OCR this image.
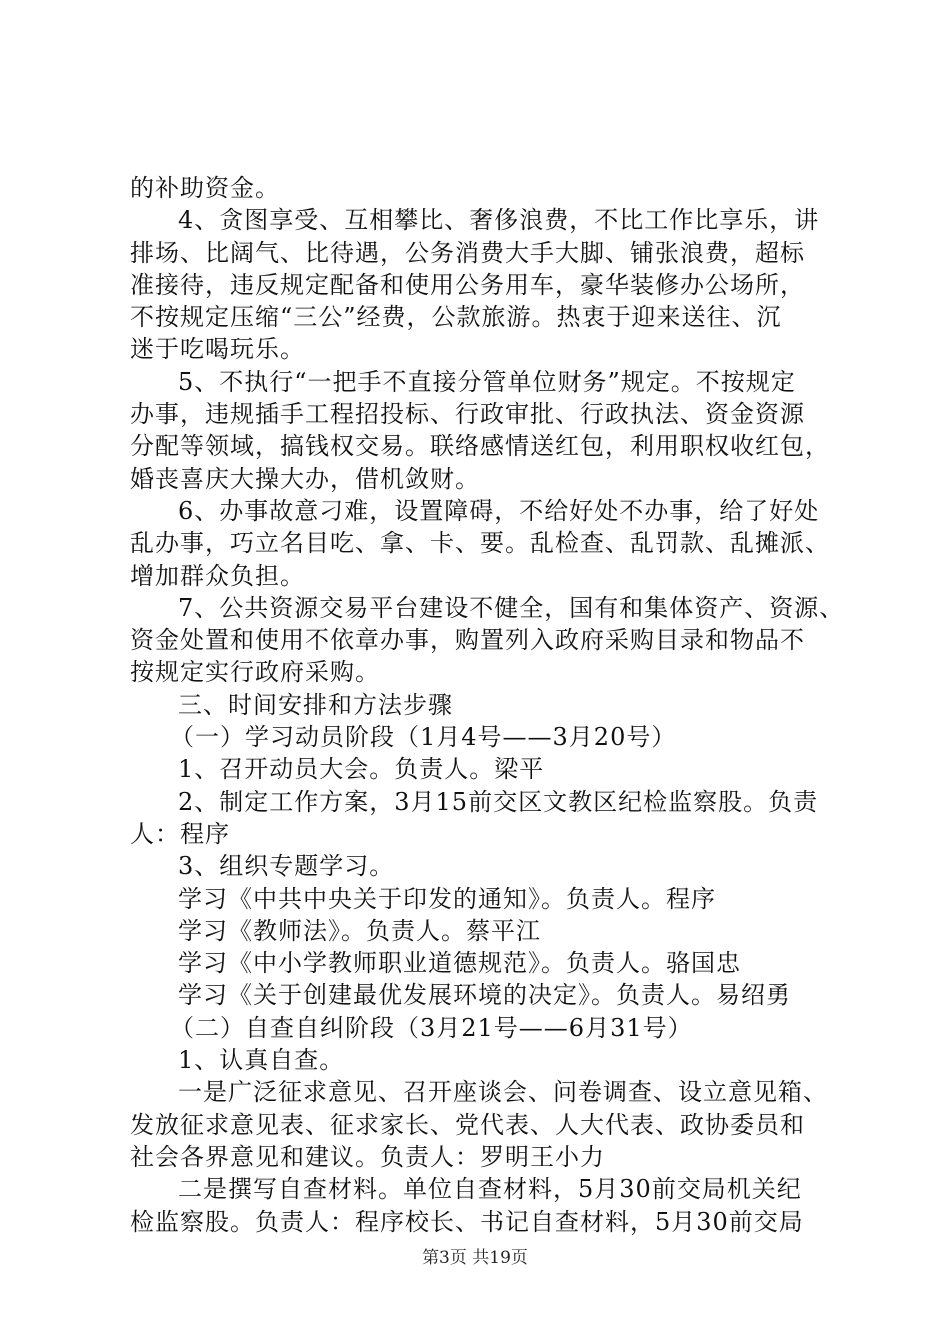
的补助资金。
4、贪图享受、互相攀比、奢侈浪费，不比工作比享乐，讲
排场、比阔气、比待遇，公务消费大手大脚、铺张浪费，超标
准接待，违反规定配备和使用公务用车，豪华装修办公场所，
不按规定压缩“三公”经费，公款旅游。热衷于迎来送往、沉
迷于吃喝玩乐。
5、不执行“一把手不直接分管单位财务”规定。不按规定
办事，违规插手工程招投标、行政审批、行政执法、资金资源
分配等领域，搞钱权交易。联络感情送红包，利用职权收红包，
婚丧喜庆大操大办，借机敛财。
6、办事故意刁难，设置障碍，不给好处不办事，给了好处
乱办事，巧立名目吃、拿、卡、要。乱检查、乱罚款、乱摊派、
增加群众负担。
7、公共资源交易平台建设不健全，国有和集体资产、资源、
资金处置和使用不依章办事，购置列入政府采购目录和物品不
按规定实行政府采购。
三、时间安排和方法步骤
（一）学习动员阶段（1月4号——3月20号）
1、召开动员大会。负责人。梁平
2、制定工作方案，3月15前交区文教区纪检监察股。负责
人：程序
3、组织专题学习。
学习《中共中央关于印发的通知》。负责人。程序
学习《教师法》。负责人。蔡平江
学习《中小学教师职业道德规范》。负责人。骆国忠
学习《关于创建最优发展环境的决定》。负责人。易绍勇
（二）自查自纠阶段（3月21号——6月31号）
1、认真自查。
一是广泛征求意见、召开座谈会、问卷调查、设立意见箱、
发放征求意见表、征求家长、党代表、人大代表、政协委员和
社会各界意见和建议。负责人：罗明王小力
二是撰写自查材料。单位自查材料，5月30前交局机关纪
检监察股。负责人：程序校长、书记自查材料，5月30前交局
第3页 共19页
